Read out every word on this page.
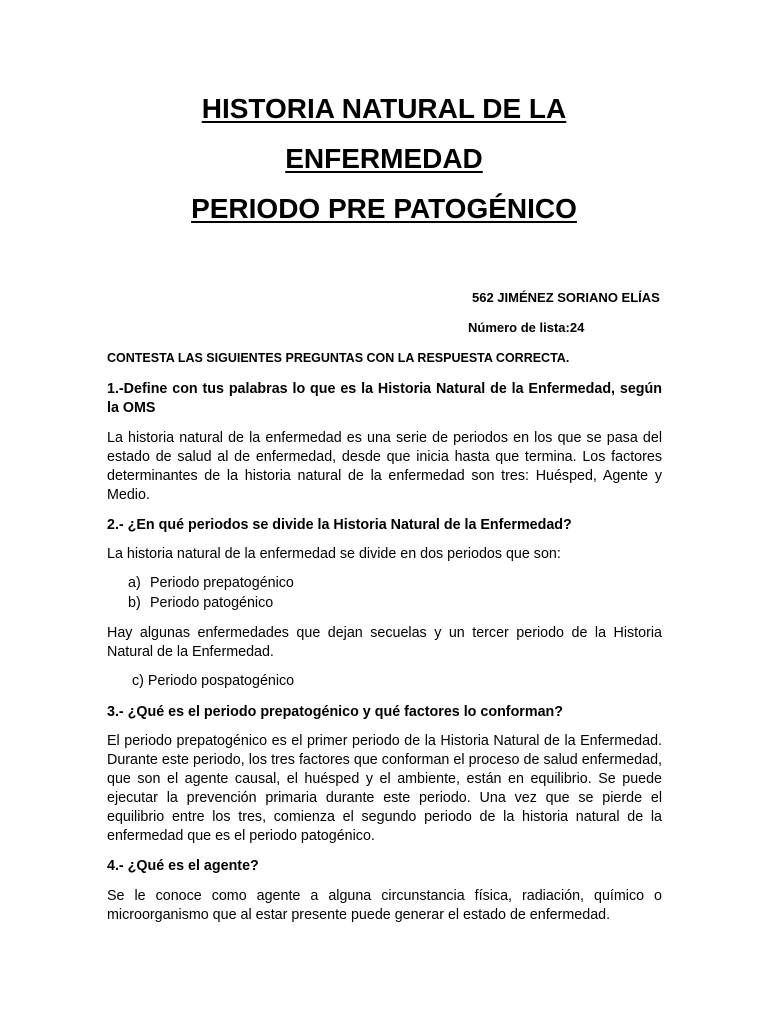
HISTORIA NATURAL DE LA
ENFERMEDAD
PERIODO PRE PATOGÉNICO
562 JIMÉNEZ SORIANO ELÍAS
Número de lista:24
CONTESTA LAS SIGUIENTES PREGUNTAS CON LA RESPUESTA CORRECTA.

1.-Define con tus palabras lo que es la Historia Natural de la Enfermedad, según la OMS

La historia natural de la enfermedad es una serie de periodos en los que se pasa del estado de salud al de enfermedad, desde que inicia hasta que termina. Los factores determinantes de la historia natural de la enfermedad son tres: Huésped, Agente y Medio.

2.- ¿En qué periodos se divide la Historia Natural de la Enfermedad?

La historia natural de la enfermedad se divide en dos periodos que son:

a) Periodo prepatogénico
b) Periodo patogénico

Hay algunas enfermedades que dejan secuelas y un tercer periodo de la Historia Natural de la Enfermedad.

c) Periodo pospatogénico

3.- ¿Qué es el periodo prepatogénico y qué factores lo conforman?

El periodo prepatogénico es el primer periodo de la Historia Natural de la Enfermedad. Durante este periodo, los tres factores que conforman el proceso de salud enfermedad, que son el agente causal, el huésped y el ambiente, están en equilibrio. Se puede ejecutar la prevención primaria durante este periodo. Una vez que se pierde el equilibrio entre los tres, comienza el segundo periodo de la historia natural de la enfermedad que es el periodo patogénico.

4.- ¿Qué es el agente?

Se le conoce como agente a alguna circunstancia física, radiación, químico o microorganismo que al estar presente puede generar el estado de enfermedad.
